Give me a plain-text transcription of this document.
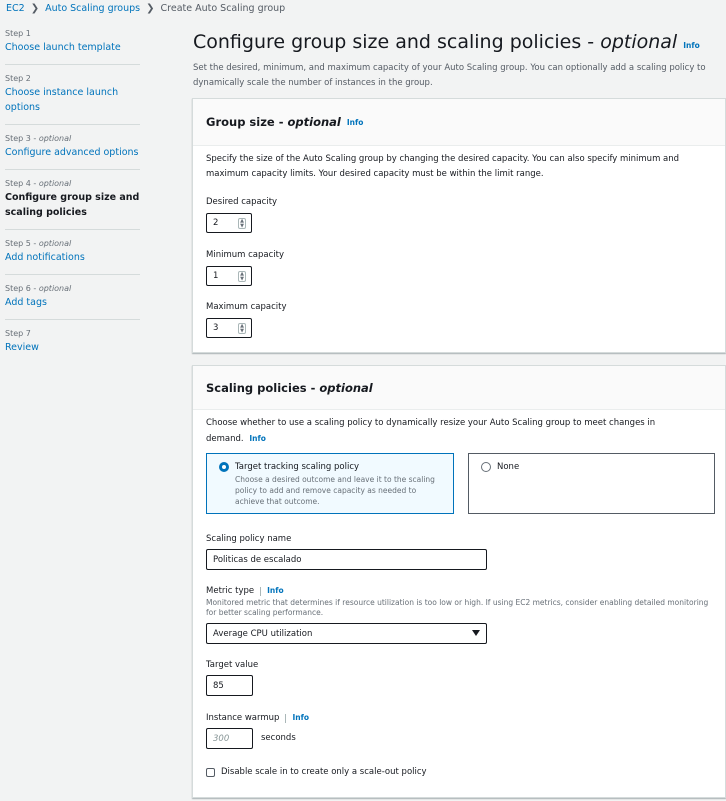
EC2 ❯ Auto Scaling groups ❯ Create Auto Scaling group
Step 1
Choose launch template
Step 2
Choose instance launch options
Step 3 - optional
Configure advanced options
Step 4 - optional
Configure group size and scaling policies
Step 5 - optional
Add notifications
Step 6 - optional
Add tags
Step 7
Review
Configure group size and scaling policies - optional Info
Set the desired, minimum, and maximum capacity of your Auto Scaling group. You can optionally add a scaling policy to dynamically scale the number of instances in the group.
Group size - optional Info
Specify the size of the Auto Scaling group by changing the desired capacity. You can also specify minimum and maximum capacity limits. Your desired capacity must be within the limit range.
Desired capacity
2	▲
▼
Minimum capacity
1	▲
▼
Maximum capacity
3	▲
▼
Scaling policies - optional
Choose whether to use a scaling policy to dynamically resize your Auto Scaling group to meet changes in demand. Info
Target tracking scaling policy
Choose a desired outcome and leave it to the scaling policy to add and remove capacity as needed to achieve that outcome.
None
Scaling policy name
Politicas de escalado
Metric type Info
Monitored metric that determines if resource utilization is too low or high. If using EC2 metrics, consider enabling detailed monitoring for better scaling performance.
Average CPU utilization
Target value
85
Instance warmup Info
300	seconds
Disable scale in to create only a scale-out policy
